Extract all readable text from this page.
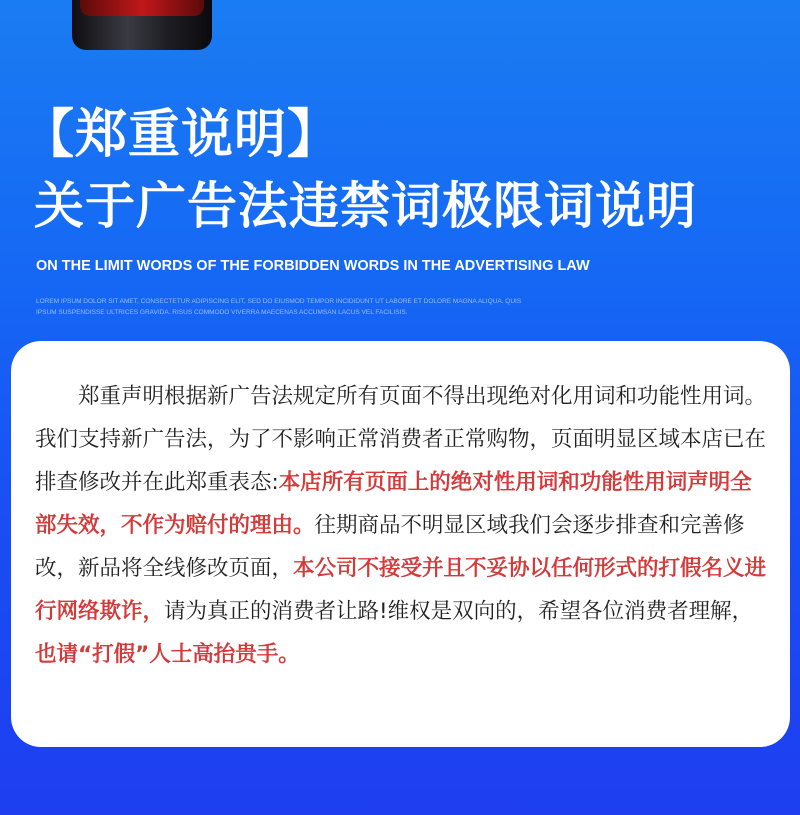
【郑重说明】
关于广告法违禁词极限词说明

ON THE LIMIT WORDS OF THE FORBIDDEN WORDS IN THE ADVERTISING LAW

LOREM IPSUM DOLOR SIT AMET, CONSECTETUR ADIPISCING ELIT, SED DO EIUSMOD TEMPOR INCIDIDUNT UT LABORE ET DOLORE MAGNA ALIQUA. QUIS IPSUM SUSPENDISSE ULTRICES GRAVIDA. RISUS COMMODO VIVERRA MAECENAS ACCUMSAN LACUS VEL FACILISIS.

郑重声明根据新广告法规定所有页面不得出现绝对化用词和功能性用词。我们支持新广告法，为了不影响正常消费者正常购物，页面明显区域本店已在排查修改并在此郑重表态:本店所有页面上的绝对性用词和功能性用词声明全部失效，不作为赔付的理由。往期商品不明显区域我们会逐步排查和完善修改，新品将全线修改页面，本公司不接受并且不妥协以任何形式的打假名义进行网络欺诈，请为真正的消费者让路!维权是双向的，希望各位消费者理解，也请“打假”人士高抬贵手。
